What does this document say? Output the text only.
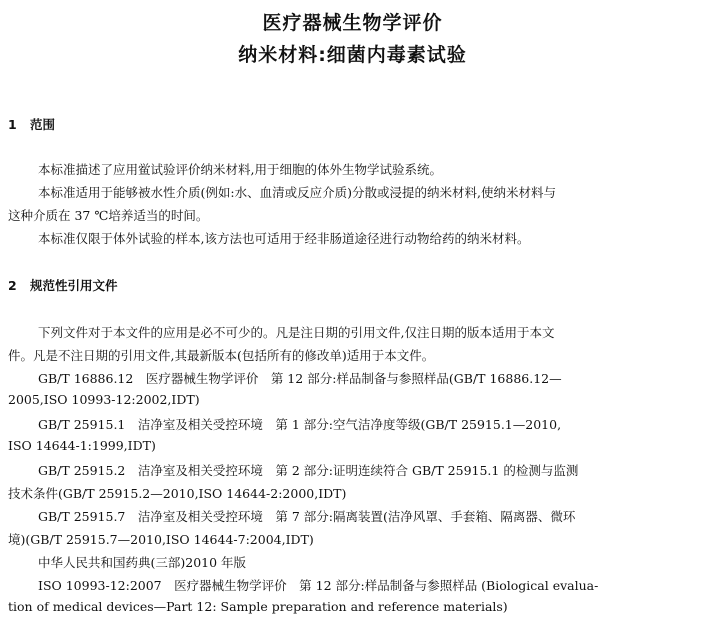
医疗器械生物学评价
纳米材料:细菌内毒素试验
1 范围
本标准描述了应用鲎试验评价纳米材料,用于细胞的体外生物学试验系统。
本标准适用于能够被水性介质(例如:水、血清或反应介质)分散或浸提的纳米材料,使纳米材料与
这种介质在 37 ℃培养适当的时间。
本标准仅限于体外试验的样本,该方法也可适用于经非肠道途径进行动物给药的纳米材料。
2 规范性引用文件
下列文件对于本文件的应用是必不可少的。凡是注日期的引用文件,仅注日期的版本适用于本文
件。凡是不注日期的引用文件,其最新版本(包括所有的修改单)适用于本文件。
GB/T 16886.12　医疗器械生物学评价　第 12 部分:样品制备与参照样品(GB/T 16886.12—
2005,ISO 10993-12:2002,IDT)
GB/T 25915.1　洁净室及相关受控环境　第 1 部分:空气洁净度等级(GB/T 25915.1—2010,
ISO 14644-1:1999,IDT)
GB/T 25915.2　洁净室及相关受控环境　第 2 部分:证明连续符合 GB/T 25915.1 的检测与监测
技术条件(GB/T 25915.2—2010,ISO 14644-2:2000,IDT)
GB/T 25915.7　洁净室及相关受控环境　第 7 部分:隔离装置(洁净风罩、手套箱、隔离器、微环
境)(GB/T 25915.7—2010,ISO 14644-7:2004,IDT)
中华人民共和国药典(三部)2010 年版
ISO 10993-12:2007　医疗器械生物学评价　第 12 部分:样品制备与参照样品 (Biological evalua-
tion of medical devices—Part 12: Sample preparation and reference materials)
